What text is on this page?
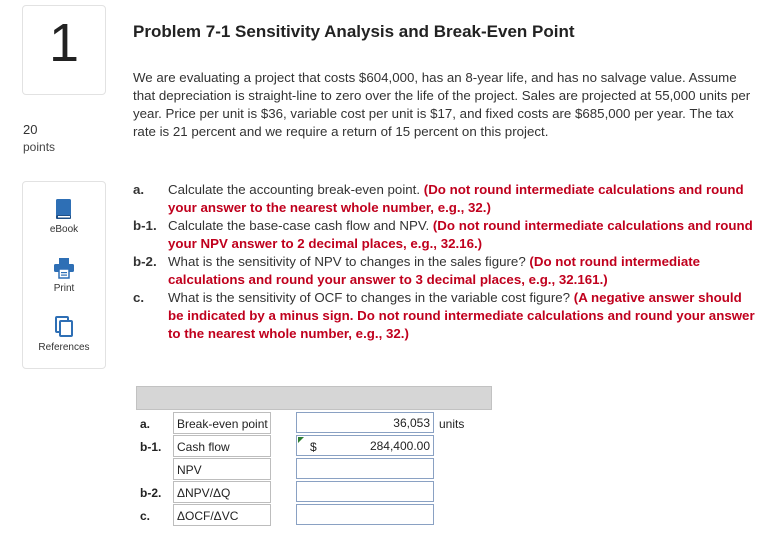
1
20
points
eBook
Print
References
Problem 7-1 Sensitivity Analysis and Break-Even Point
We are evaluating a project that costs $604,000, has an 8-year life, and has no salvage value. Assume that depreciation is straight-line to zero over the life of the project. Sales are projected at 55,000 units per year. Price per unit is $36, variable cost per unit is $17, and fixed costs are $685,000 per year. The tax rate is 21 percent and we require a return of 15 percent on this project.
a. Calculate the accounting break-even point. (Do not round intermediate calculations and round your answer to the nearest whole number, e.g., 32.)
b-1. Calculate the base-case cash flow and NPV. (Do not round intermediate calculations and round your NPV answer to 2 decimal places, e.g., 32.16.)
b-2. What is the sensitivity of NPV to changes in the sales figure? (Do not round intermediate calculations and round your answer to 3 decimal places, e.g., 32.161.)
c. What is the sensitivity of OCF to changes in the variable cost figure? (A negative answer should be indicated by a minus sign. Do not round intermediate calculations and round your answer to the nearest whole number, e.g., 32.)
a.	Break-even point	36,053 units
b-1.	Cash flow	284,400.00
$
NPV
b-2.	ΔNPV/ΔQ
c.	ΔOCF/ΔVC
